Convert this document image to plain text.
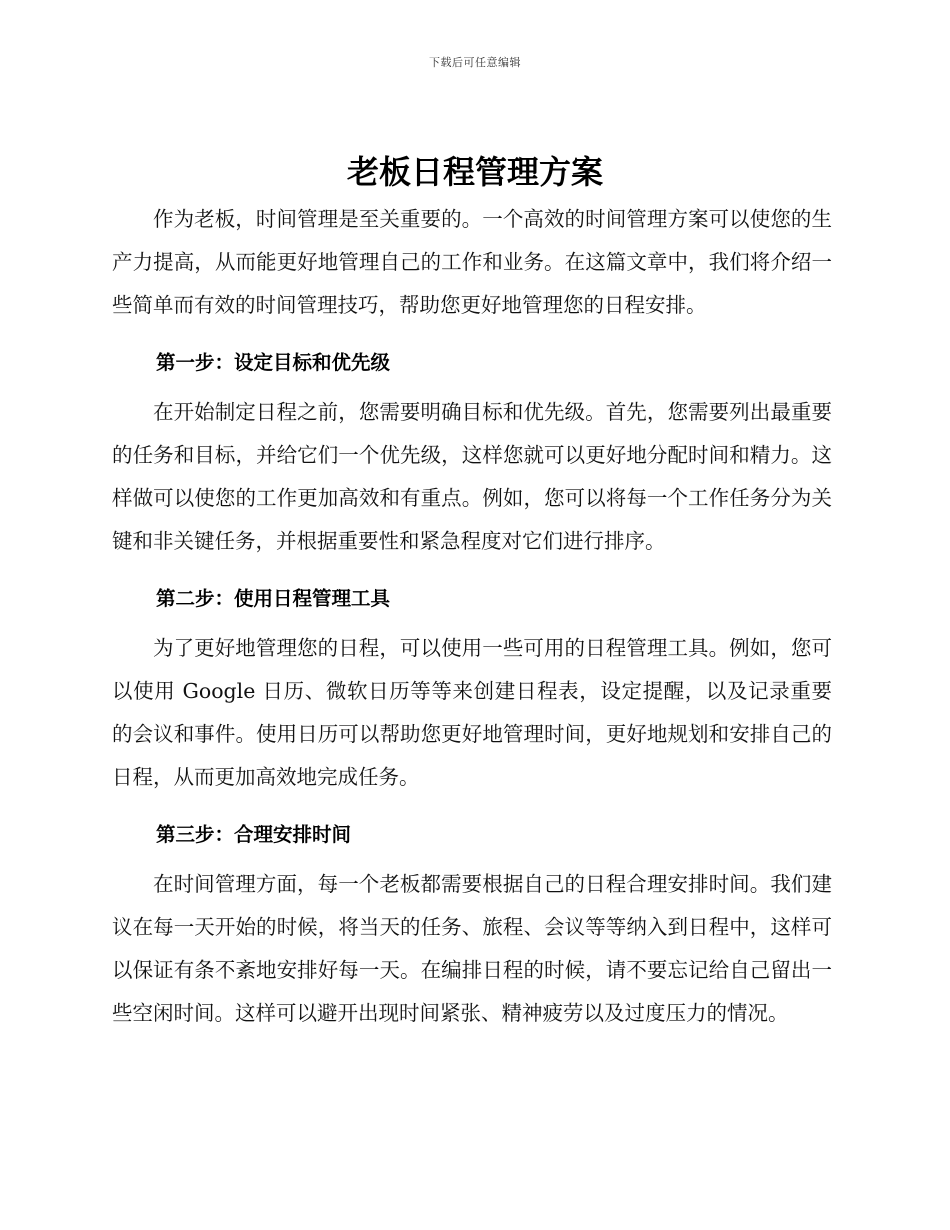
下载后可任意编辑
老板日程管理方案

作为老板，时间管理是至关重要的。一个高效的时间管理方案可以使您的生产力提高，从而能更好地管理自己的工作和业务。在这篇文章中，我们将介绍一些简单而有效的时间管理技巧，帮助您更好地管理您的日程安排。

第一步：设定目标和优先级

在开始制定日程之前，您需要明确目标和优先级。首先，您需要列出最重要的任务和目标，并给它们一个优先级，这样您就可以更好地分配时间和精力。这样做可以使您的工作更加高效和有重点。例如，您可以将每一个工作任务分为关键和非关键任务，并根据重要性和紧急程度对它们进行排序。

第二步：使用日程管理工具

为了更好地管理您的日程，可以使用一些可用的日程管理工具。例如，您可以使用 Google 日历、微软日历等等来创建日程表，设定提醒，以及记录重要的会议和事件。使用日历可以帮助您更好地管理时间，更好地规划和安排自己的日程，从而更加高效地完成任务。

第三步：合理安排时间

在时间管理方面，每一个老板都需要根据自己的日程合理安排时间。我们建议在每一天开始的时候，将当天的任务、旅程、会议等等纳入到日程中，这样可以保证有条不紊地安排好每一天。在编排日程的时候，请不要忘记给自己留出一些空闲时间。这样可以避开出现时间紧张、精神疲劳以及过度压力的情况。
